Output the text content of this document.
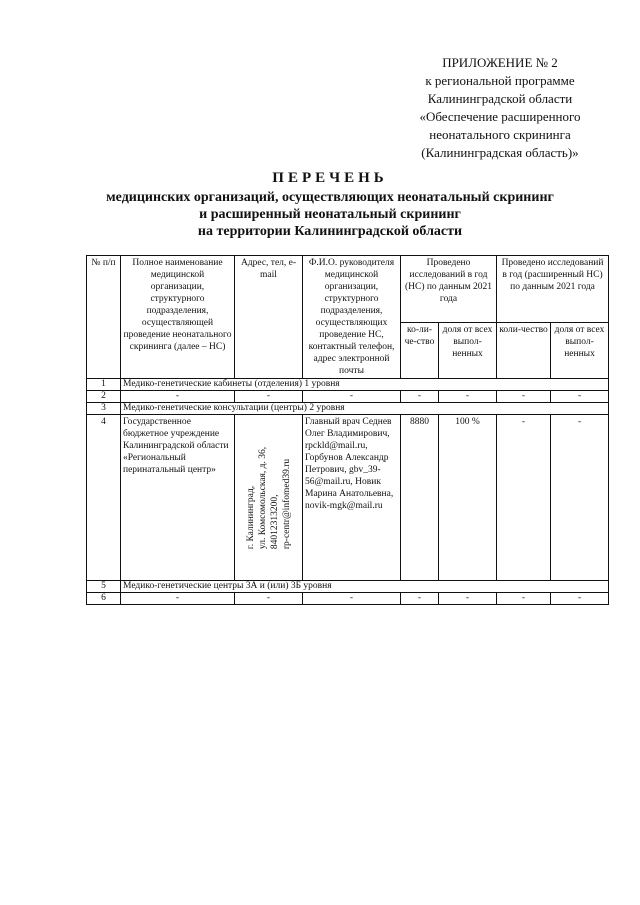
ПРИЛОЖЕНИЕ № 2
к региональной программе
Калининградской области
«Обеспечение расширенного
неонатального скрининга
(Калининградская область)»
ПЕРЕЧЕНЬ
медицинских организаций, осуществляющих неонатальный скрининг
и расширенный неонатальный скрининг
на территории Калининградской области
№ п/п	Полное наименование медицинской организации, структурного подразделения, осуществляющей проведение неонатального скрининга (далее – НС)	Адрес, тел, e-mail	Ф.И.О. руководителя медицинской организации, структурного подразделения, осуществляющих проведение НС, контактный телефон, адрес электронной почты	Проведено исследований в год (НС) по данным 2021 года		Проведено исследований в год (расширенный НС) по данным 2021 года	
				ко-ли-че-ство	доля от всех выпол-ненных	коли-чество	доля от всех выпол-ненных
1	Медико-генетические кабинеты (отделения) 1 уровня						
2	-	-	-	-	-	-	-
3	Медико-генетические консультации (центры) 2 уровня						
4	Государственное бюджетное учреждение Калининградской области «Региональный перинатальный центр»	г. Калининград, ул. Комсомольская, д. 36, 84012313200, rp-centr@infomed39.ru	Главный врач Седнев Олег Владимирович, rpckld@mail.ru, Горбунов Александр Петрович, gbv_39-56@mail.ru, Новик Марина Анатольевна, novik-mgk@mail.ru	8880	100 %	-	-
5	Медико-генетические центры 3А и (или) 3Б уровня						
6	-	-	-	-	-	-	-
